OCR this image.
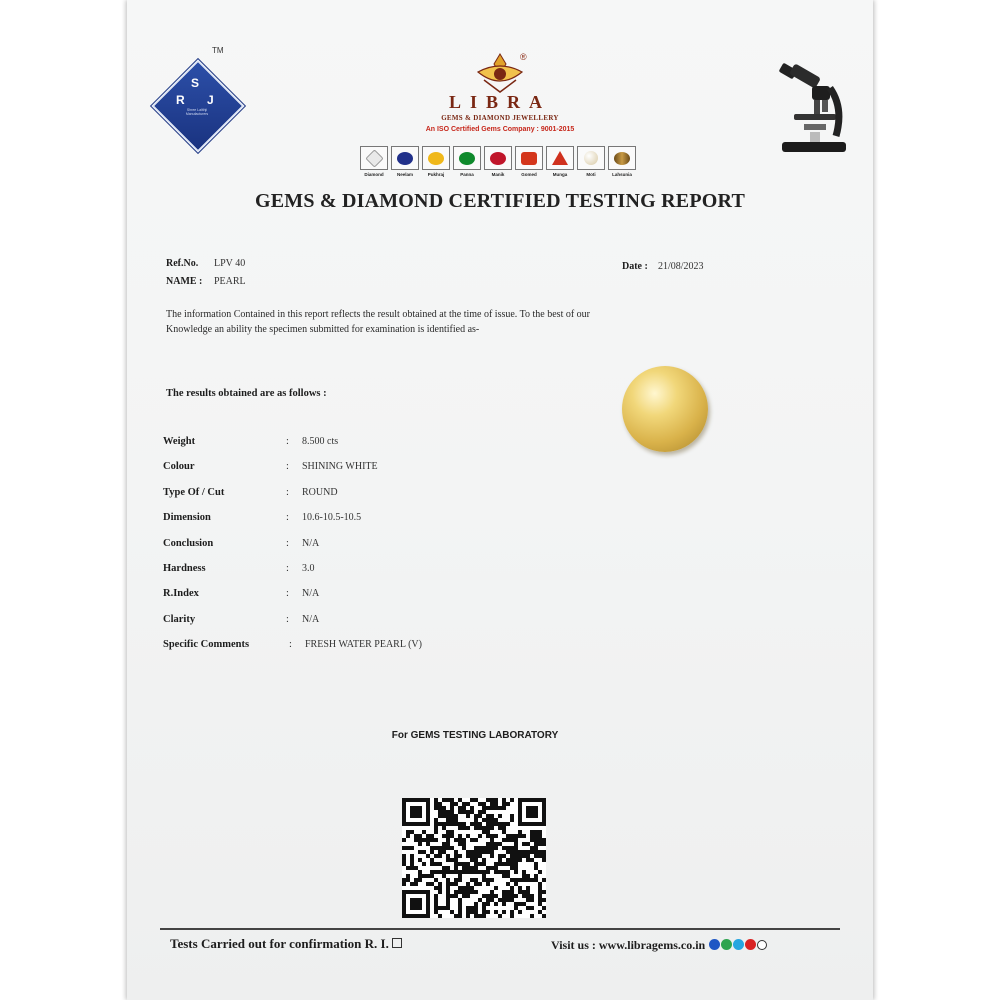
TM
S
R J
Shree Lalithji Manufacturers
®
LIBRA
GEMS & DIAMOND JEWELLERY
An ISO Certified Gems Company : 9001-2015
Diamond	Neelam	Pukhraj	Panna	Manik	Gomed	Munga	Moti	Lahsunia
GEMS & DIAMOND CERTIFIED TESTING REPORT
Ref.No. LPV 40
NAME : PEARL
Date : 21/08/2023
The information Contained in this report reflects the result obtained at the time of issue. To the best of our
Knowledge an ability the specimen submitted for examination is identified as-
The results obtained are as follows :
Weight	: 8.500 cts
Colour	: SHINING WHITE
Type Of / Cut	: ROUND
Dimension	: 10.6-10.5-10.5
Conclusion	: N/A
Hardness	: 3.0
R.Index	: N/A
Clarity	: N/A
Specific Comments	: FRESH WATER PEARL (V)
For GEMS TESTING LABORATORY
Tests Carried out for confirmation R. I.	Visit us : www.libragems.co.in
